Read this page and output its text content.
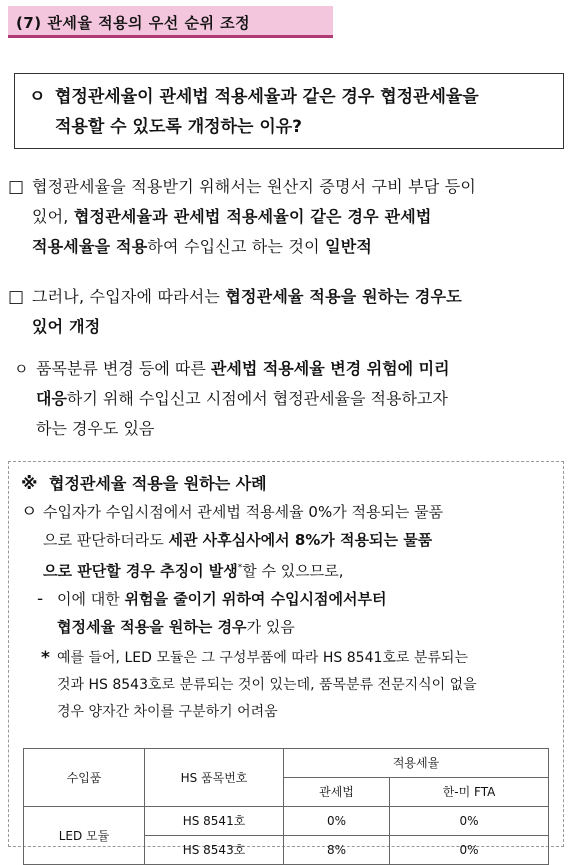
(7) 관세율 적용의 우선 순위 조정
ㅇ 협정관세율이 관세법 적용세율과 같은 경우 협정관세율을
적용할 수 있도록 개정하는 이유?
□ 협정관세율을 적용받기 위해서는 원산지 증명서 구비 부담 등이
있어, 협정관세율과 관세법 적용세율이 같은 경우 관세법
적용세율을 적용하여 수입신고 하는 것이 일반적
□ 그러나, 수입자에 따라서는 협정관세율 적용을 원하는 경우도
있어 개정
ㅇ 품목분류 변경 등에 따른 관세법 적용세율 변경 위험에 미리
대응하기 위해 수입신고 시점에서 협정관세율을 적용하고자
하는 경우도 있음
※ 협정관세율 적용을 원하는 사례
ㅇ 수입자가 수입시점에서 관세법 적용세율 0%가 적용되는 물품
으로 판단하더라도 세관 사후심사에서 8%가 적용되는 물품
으로 판단할 경우 추징이 발생*할 수 있으므로,
- 이에 대한 위험을 줄이기 위하여 수입시점에서부터
협정세율 적용을 원하는 경우가 있음
* 예를 들어, LED 모듈은 그 구성부품에 따라 HS 8541호로 분류되는
것과 HS 8543호로 분류되는 것이 있는데, 품목분류 전문지식이 없을
경우 양자간 차이를 구분하기 어려움
수입품	HS 품목번호	적용세율	
		관세법	한-미 FTA
LED 모듈	HS 8541호	0%	0%
	HS 8543호	8%	0%
